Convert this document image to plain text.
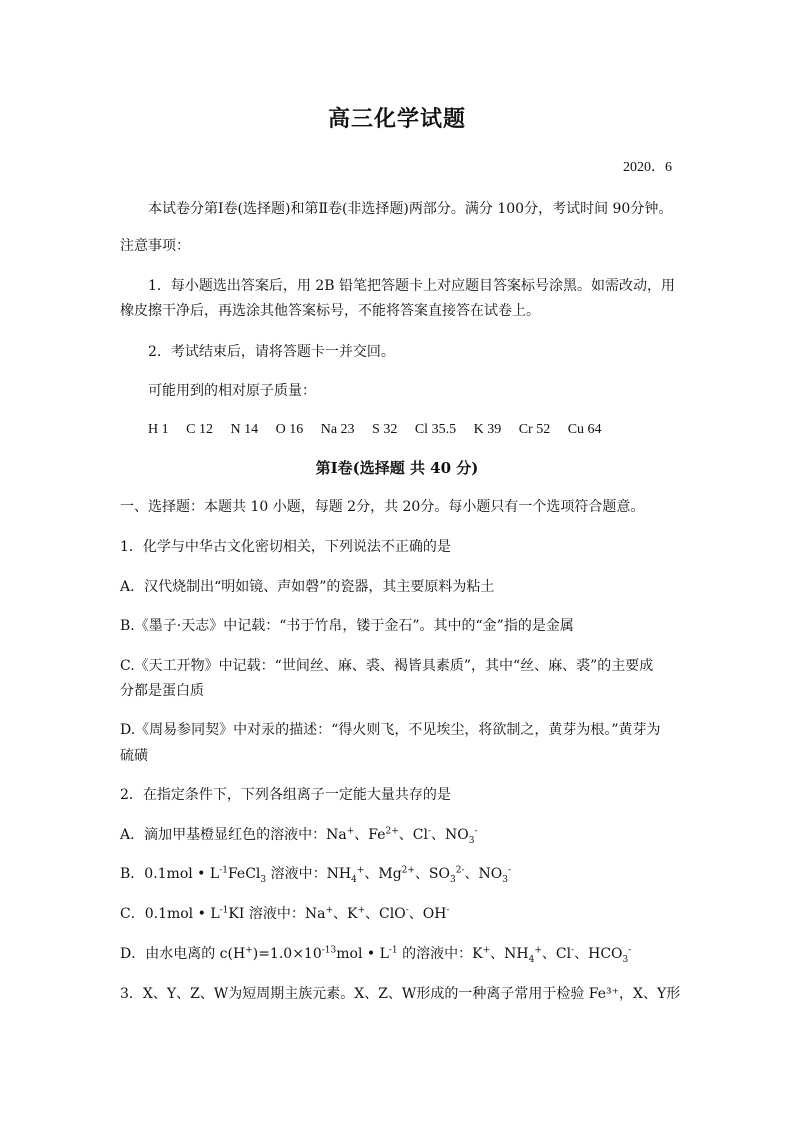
高三化学试题
2020．6
本试卷分第Ⅰ卷(选择题)和第Ⅱ卷(非选择题)两部分。满分 100分，考试时间 90分钟。
注意事项：
1．每小题选出答案后，用 2B 铅笔把答题卡上对应题目答案标号涂黑。如需改动，用
橡皮擦干净后，再选涂其他答案标号，不能将答案直接答在试卷上。
2．考试结束后，请将答题卡一并交回。
可能用到的相对原子质量：
H 1 C 12 N 14 O 16 Na 23 S 32 Cl 35.5 K 39 Cr 52 Cu 64
第Ⅰ卷(选择题 共 40 分)
一、选择题：本题共 10 小题，每题 2分，共 20分。每小题只有一个选项符合题意。
1．化学与中华古文化密切相关，下列说法不正确的是
A．汉代烧制出“明如镜、声如磬”的瓷器，其主要原料为粘土
B.《墨子·天志》中记载：“书于竹帛，镂于金石”。其中的“金”指的是金属
C.《天工开物》中记载：“世间丝、麻、裘、褐皆具素质”，其中“丝、麻、裘”的主要成
分都是蛋白质
D.《周易参同契》中对汞的描述：“得火则飞，不见埃尘，将欲制之，黄芽为根。”黄芽为
硫磺
2．在指定条件下，下列各组离子一定能大量共存的是
A．滴加甲基橙显红色的溶液中：Na+、$Fe^{2+}$、Cl-、$NO_3^-$
B．0.1mol • $L^{-1}FeCl_3$ 溶液中：$NH_4^+$、$Mg^{2+}$、$SO_3^{2-}$、$NO_3^-$
C．0.1mol • $L^{-1}KI$ 溶液中：Na+、K+、ClO-、OH-
D．由水电离的 $c(H^+)=1.0\times 10^{-13}mol$ • $L^{-1}$ 的溶液中：K+、$NH_4^+$、Cl-、$HCO_3^-$
3．X、Y、Z、W为短周期主族元素。X、Z、W形成的一种离子常用于检验 Fe³⁺，X、Y形
